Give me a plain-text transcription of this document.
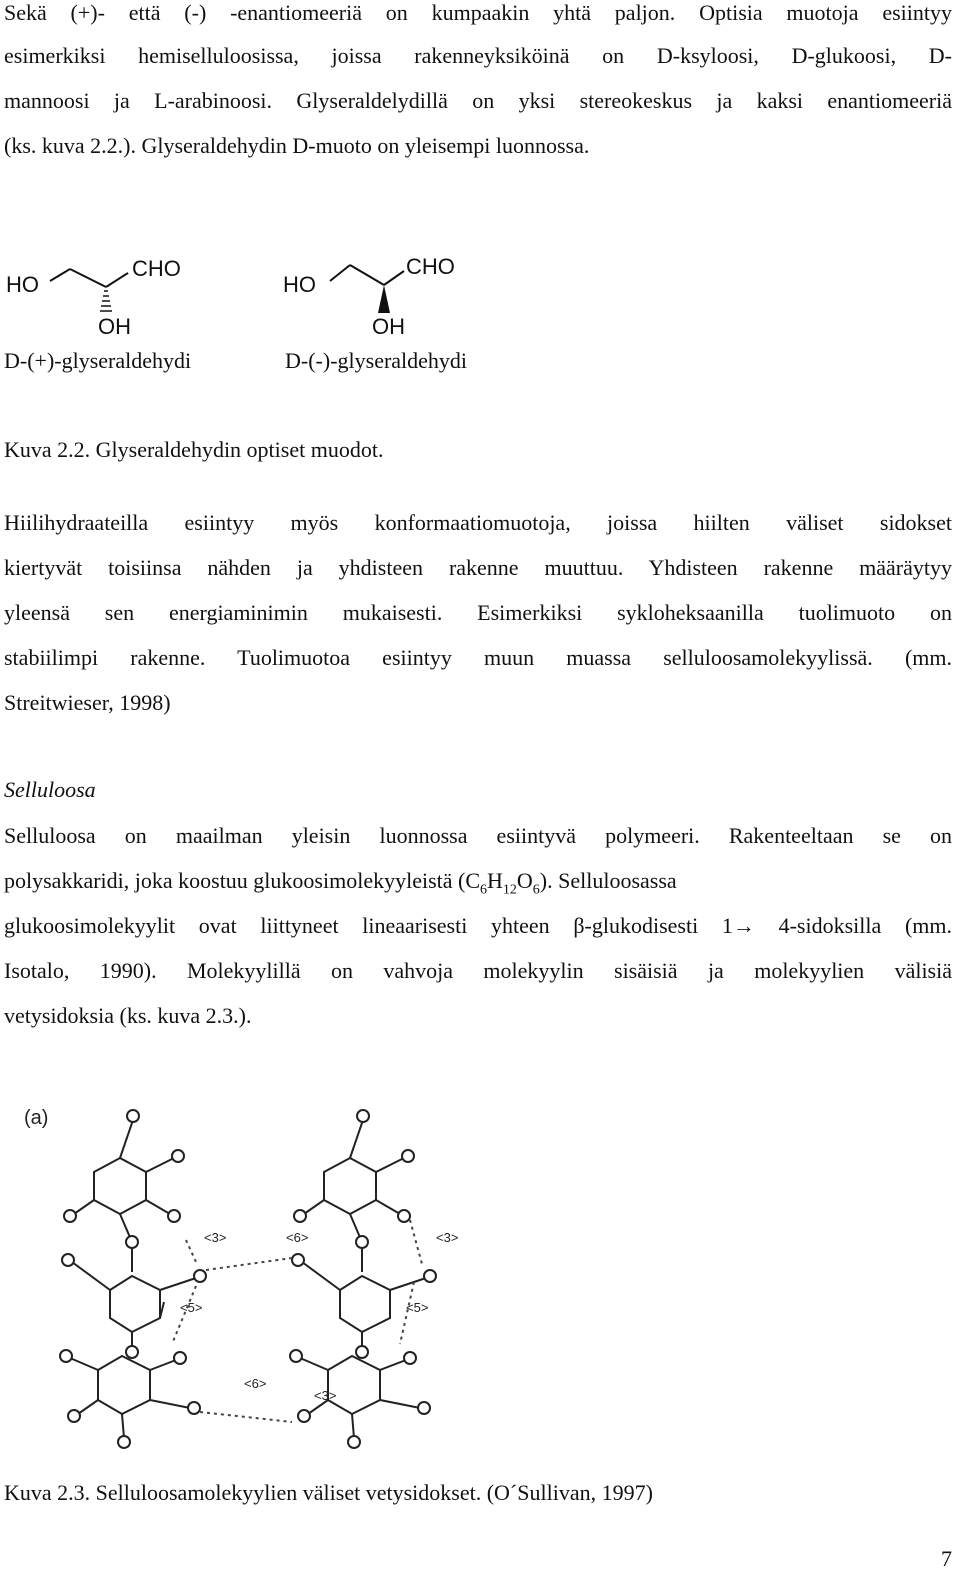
Sekä (+)- että (-) -enantiomeeriä on kumpaakin yhtä paljon. Optisia muotoja esiintyy
esimerkiksi hemiselluloosissa, joissa rakenneyksiköinä on D-ksyloosi, D-glukoosi, D-
mannoosi ja L-arabinoosi. Glyseraldelydillä on yksi stereokeskus ja kaksi enantiomeeriä
(ks. kuva 2.2.). Glyseraldehydin D-muoto on yleisempi luonnossa.
HO
CHO
OH
D-(+)-glyseraldehydi
HO
CHO
OH
D-(-)-glyseraldehydi
Kuva 2.2. Glyseraldehydin optiset muodot.
Hiilihydraateilla esiintyy myös konformaatiomuotoja, joissa hiilten väliset sidokset
kiertyvät toisiinsa nähden ja yhdisteen rakenne muuttuu. Yhdisteen rakenne määräytyy
yleensä sen energiaminimin mukaisesti. Esimerkiksi sykloheksaanilla tuolimuoto on
stabiilimpi rakenne. Tuolimuotoa esiintyy muun muassa selluloosamolekyylissä. (mm.
Streitwieser, 1998)
Selluloosa
Selluloosa on maailman yleisin luonnossa esiintyvä polymeeri. Rakenteeltaan se on
polysakkaridi, joka koostuu glukoosimolekyyleistä $(C_6H_{12}O_6)$. Selluloosassa
glukoosimolekyylit ovat liittyneet lineaarisesti yhteen β-glukodisesti 1→ 4-sidoksilla (mm.
Isotalo, 1990). Molekyylillä on vahvoja molekyylin sisäisiä ja molekyylien välisiä
vetysidoksia (ks. kuva 2.3.).
(a)
<3>	<6>	<3>
<5>	<5>
<6>
<3>
Kuva 2.3. Selluloosamolekyylien väliset vetysidokset. (O´Sullivan, 1997)
7
